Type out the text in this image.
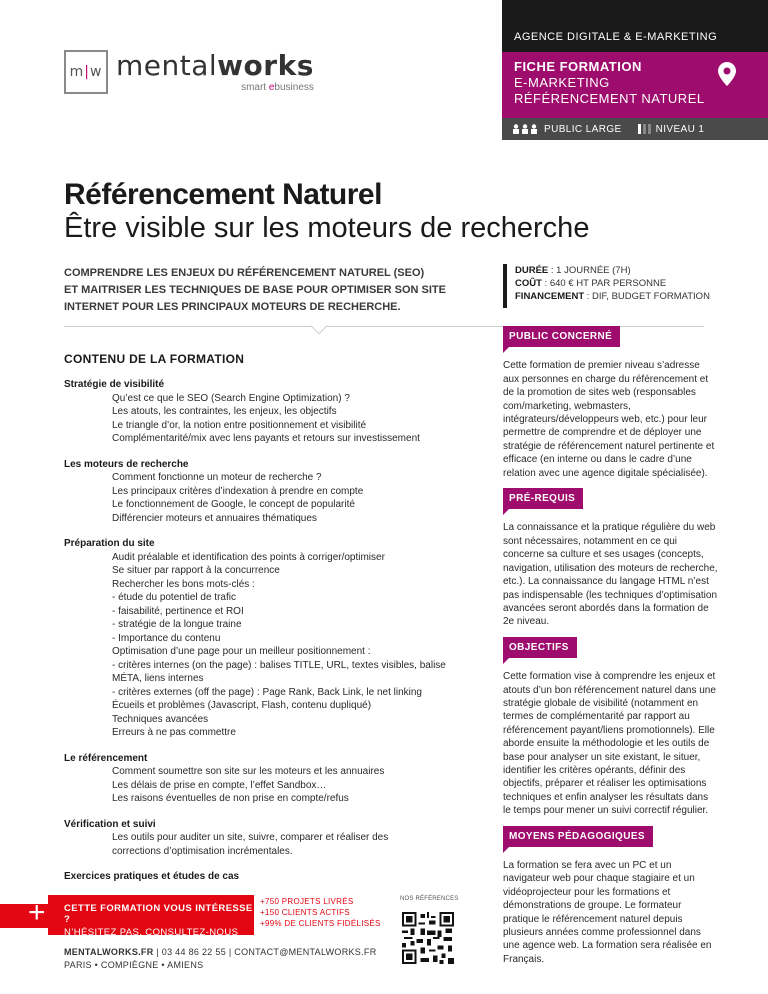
m | w mentalworks
smart ebusiness
AGENCE DIGITALE & E-MARKETING
FICHE FORMATION
E-MARKETING
RÉFÉRENCEMENT NATUREL
PUBLIC LARGE	NIVEAU 1
Référencement Naturel
Être visible sur les moteurs de recherche
COMPRENDRE LES ENJEUX DU RÉFÉRENCEMENT NATUREL (SEO)
ET MAITRISER LES TECHNIQUES DE BASE POUR OPTIMISER SON SITE
INTERNET POUR LES PRINCIPAUX MOTEURS DE RECHERCHE.
DURÉE : 1 JOURNÉE (7H)
COÛT : 640 € HT PAR PERSONNE
FINANCEMENT : DIF, BUDGET FORMATION
CONTENU DE LA FORMATION
Stratégie de visibilité
Qu’est ce que le SEO (Search Engine Optimization) ?
Les atouts, les contraintes, les enjeux, les objectifs
Le triangle d’or, la notion entre positionnement et visibilité
Complémentarité/mix avec lens payants et retours sur investissement
Les moteurs de recherche
Comment fonctionne un moteur de recherche ?
Les principaux critères d’indexation à prendre en compte
Le fonctionnement de Google, le concept de popularité
Différencier moteurs et annuaires thématiques
Préparation du site
Audit préalable et identification des points à corriger/optimiser
Se situer par rapport à la concurrence
Rechercher les bons mots-clés :
- étude du potentiel de trafic
- faisabilité, pertinence et ROI
- stratégie de la longue traine
- Importance du contenu
Optimisation d’une page pour un meilleur positionnement :
- critères internes (on the page) : balises TITLE, URL, textes visibles, balise
MÉTA, liens internes
- critères externes (off the page) : Page Rank, Back Link, le net linking
Écueils et problèmes (Javascript, Flash, contenu dupliqué)
Techniques avancées
Erreurs à ne pas commettre
Le référencement
Comment soumettre son site sur les moteurs et les annuaires
Les délais de prise en compte, l’effet Sandbox…
Les raisons éventuelles de non prise en compte/refus
Vérification et suivi
Les outils pour auditer un site, suivre, comparer et réaliser des
corrections d’optimisation incrémentales.
Exercices pratiques et études de cas
PUBLIC CONCERNÉ

Cette formation de premier niveau s’adresse aux personnes en charge du référencement et de la promotion de sites web (responsables com/marketing, webmasters, intégrateurs/développeurs web, etc.) pour leur permettre de comprendre et de déployer une stratégie de référencement naturel pertinente et efficace (en interne ou dans le cadre d’une relation avec une agence digitale spécialisée).

PRÉ-REQUIS

La connaissance et la pratique régulière du web sont nécessaires, notamment en ce qui concerne sa culture et ses usages (concepts, navigation, utilisation des moteurs de recherche, etc.). La connaissance du langage HTML n’est pas indispensable (les techniques d’optimisation avancées seront abordés dans la formation de 2e niveau.

OBJECTIFS

Cette formation vise à comprendre les enjeux et atouts d’un bon référencement naturel dans une stratégie globale de visibilité (notamment en termes de complémentarité par rapport au référencement payant/liens promotionnels). Elle aborde ensuite la méthodologie et les outils de base pour analyser un site existant, le situer, identifier les critères opérants, définir des objectifs, préparer et réaliser les optimisations techniques et enfin analyser les résultats dans le temps pour mener un suivi correctif régulier.

MOYENS PÉDAGOGIQUES

La formation se fera avec un PC et un navigateur web pour chaque stagiaire et un vidéoprojecteur pour les formations et démonstrations de groupe. Le formateur pratique le référencement naturel depuis plusieurs années comme professionnel dans une agence web. La formation sera réalisée en Français.

+ CETTE FORMATION VOUS INTÉRESSE ?
N’HÉSITEZ PAS, CONSULTEZ-NOUS
+750 PROJETS LIVRÉS
+150 CLIENTS ACTIFS
+99% DE CLIENTS FIDÉLISÉS
MENTALWORKS.FR | 03 44 86 22 55 | CONTACT@MENTALWORKS.FR
PARIS • COMPIÈGNE • AMIENS
NOS RÉFÉRENCES
